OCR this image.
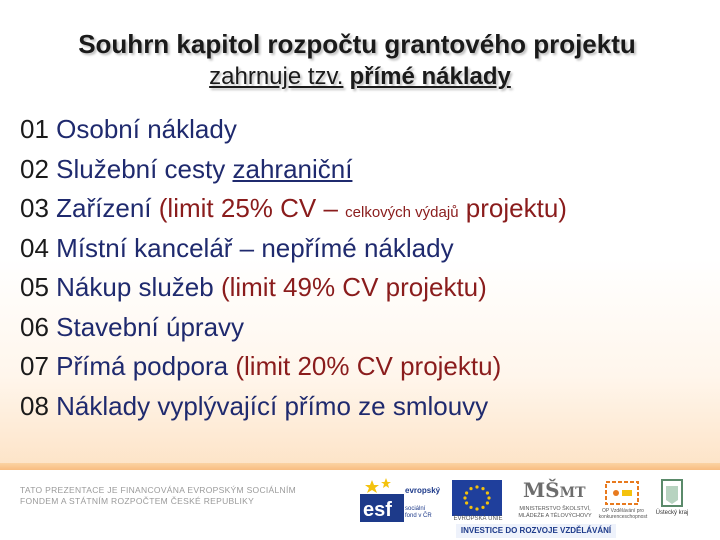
Souhrn kapitol rozpočtu grantového projektu
zahrnuje tzv. přímé náklady
01 Osobní náklady
02 Služební cesty zahraniční
03 Zařízení (limit 25% CV – celkových výdajů projektu)
04 Místní kancelář – nepřímé náklady
05 Nákup služeb (limit 49% CV projektu)
06 Stavební úpravy
07 Přímá podpora (limit 20% CV projektu)
08 Náklady vyplývající přímo ze smlouvy
TATO PREZENTACE JE FINANCOVÁNA EVROPSKÝM SOCIÁLNÍM
FONDEM A STÁTNÍM ROZPOČTEM ČESKÉ REPUBLIKY	esf
evropský
sociální
fond v ČR	EVROPSKÁ UNIE
MŠMT
MINISTERSTVO ŠKOLSTVÍ, MLÁDEŽE A TĚLOVÝCHOVY
OP Vzdělávání pro konkurenceschopnost
Ústecký kraj
INVESTICE DO ROZVOJE VZDĚLÁVÁNÍ
